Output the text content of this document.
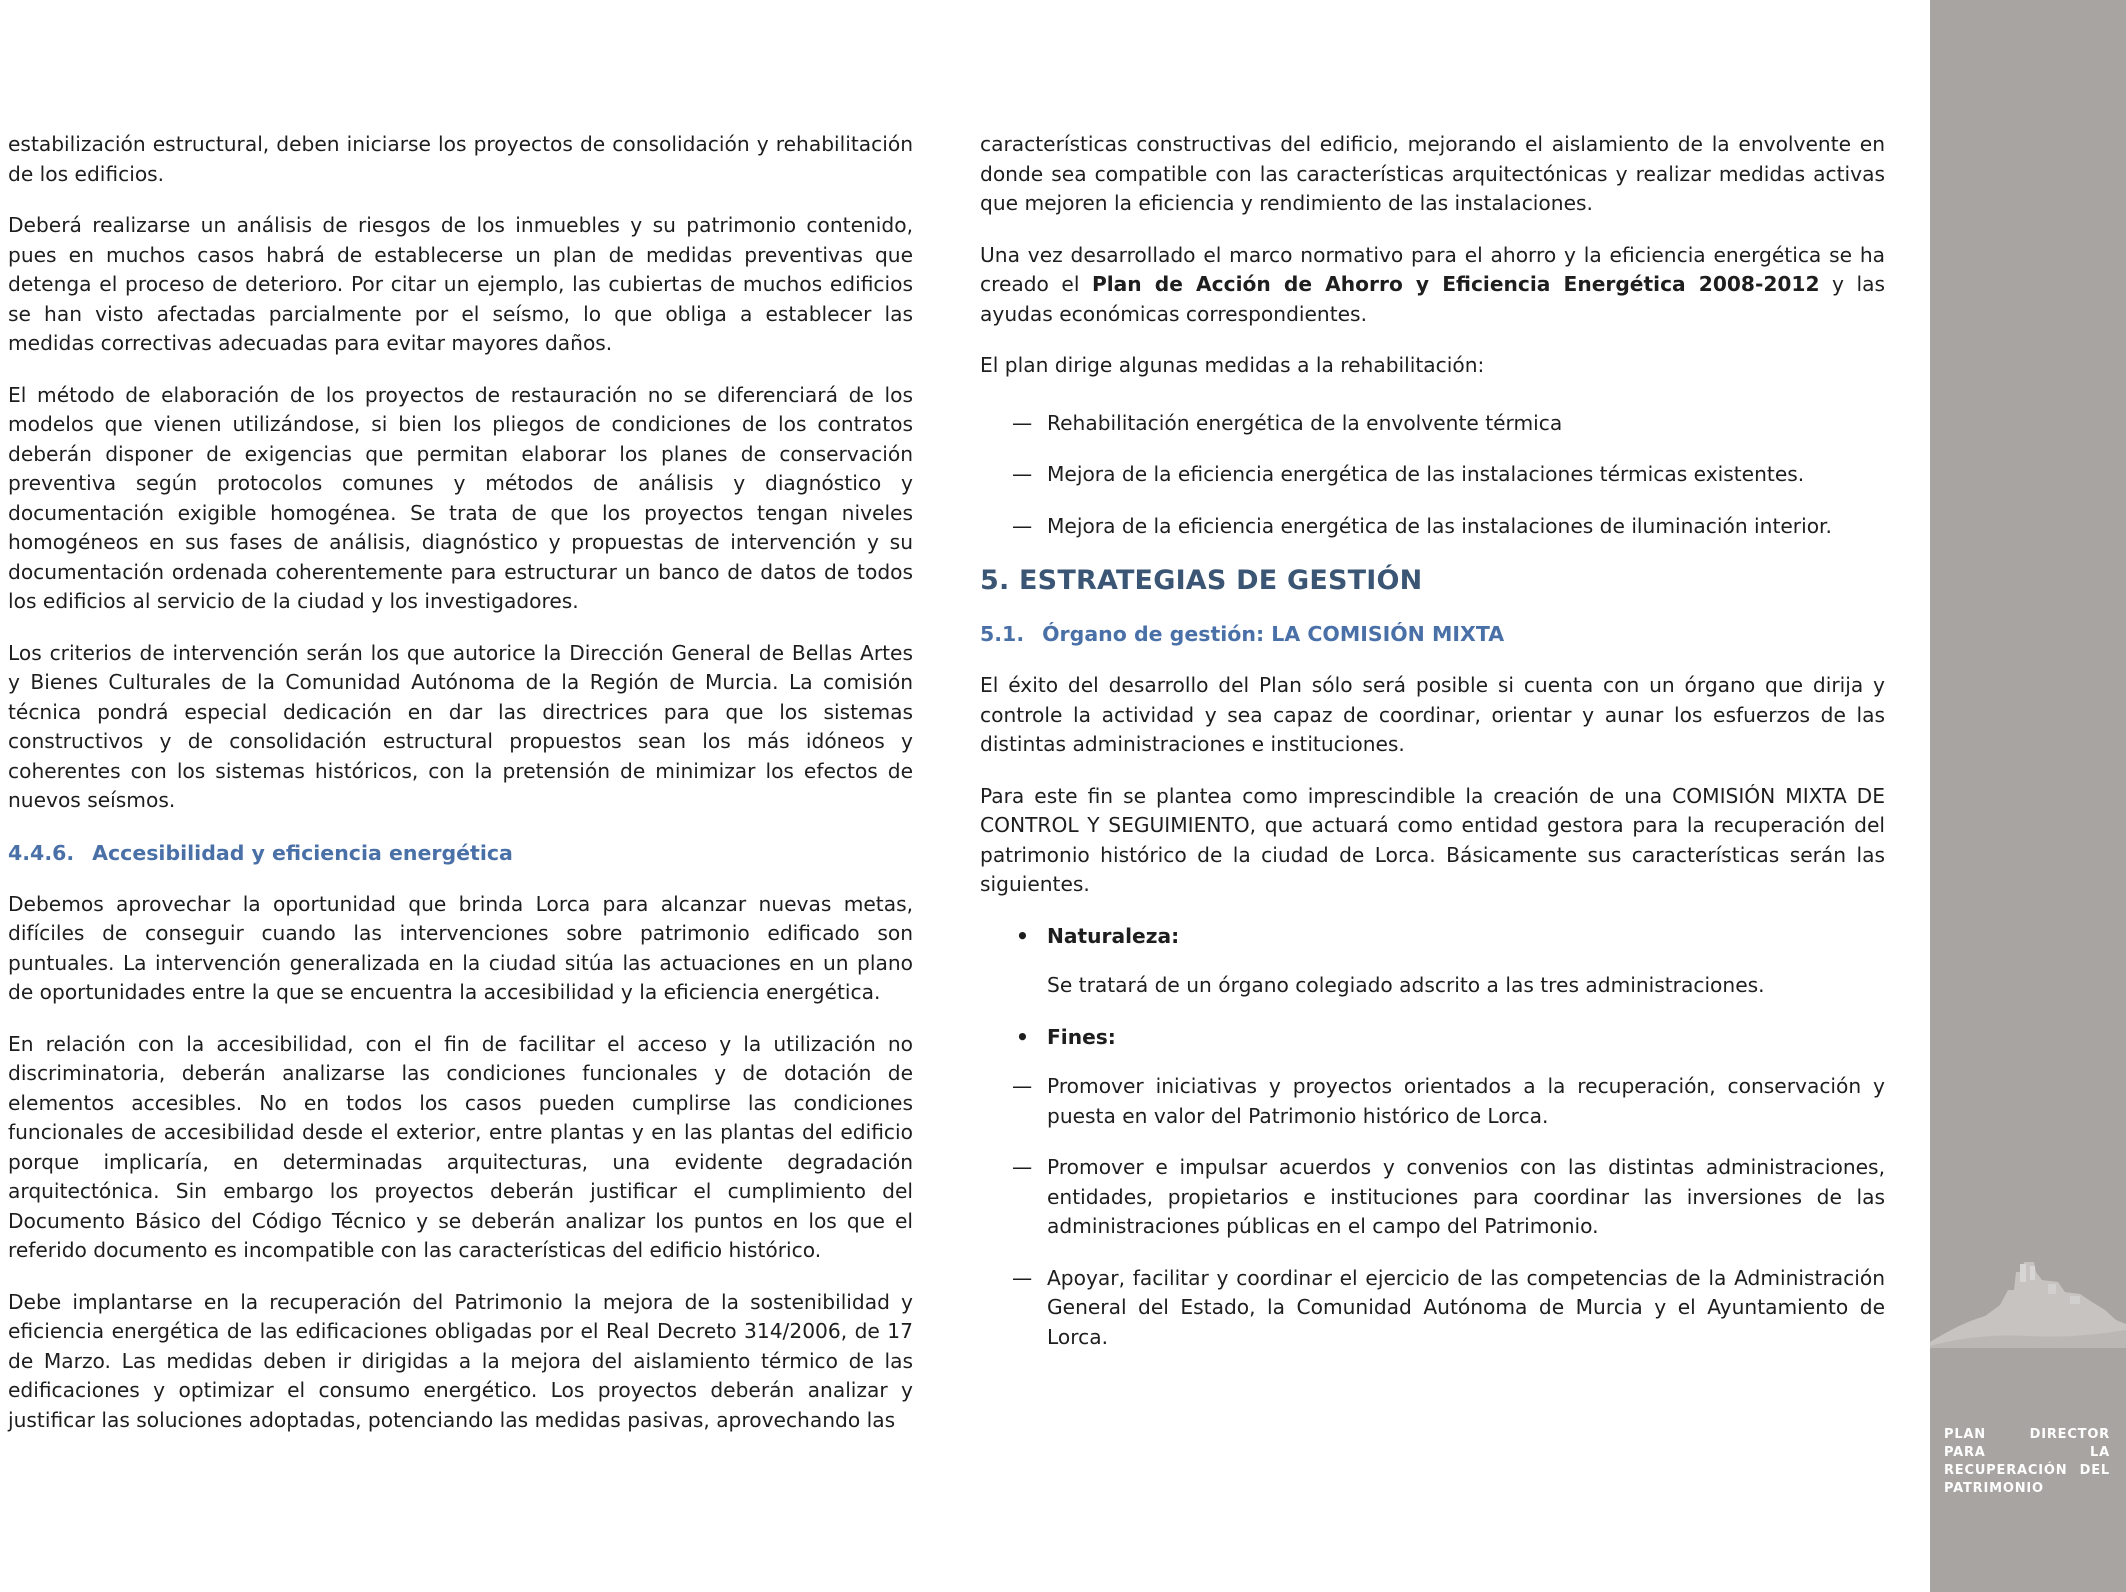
estabilización estructural, deben iniciarse los proyectos de consolidación y rehabilitación de los edificios.

Deberá realizarse un análisis de riesgos de los inmuebles y su patrimonio contenido, pues en muchos casos habrá de establecerse un plan de medidas preventivas que detenga el proceso de deterioro. Por citar un ejemplo, las cubiertas de muchos edificios se han visto afectadas parcialmente por el seísmo, lo que obliga a establecer las medidas correctivas adecuadas para evitar mayores daños.

El método de elaboración de los proyectos de restauración no se diferenciará de los modelos que vienen utilizándose, si bien los pliegos de condiciones de los contratos deberán disponer de exigencias que permitan elaborar los planes de conservación preventiva según protocolos comunes y métodos de análisis y diagnóstico y documentación exigible homogénea. Se trata de que los proyectos tengan niveles homogéneos en sus fases de análisis, diagnóstico y propuestas de intervención y su documentación ordenada coherentemente para estructurar un banco de datos de todos los edificios al servicio de la ciudad y los investigadores.

Los criterios de intervención serán los que autorice la Dirección General de Bellas Artes y Bienes Culturales de la Comunidad Autónoma de la Región de Murcia. La comisión técnica pondrá especial dedicación en dar las directrices para que los sistemas constructivos y de consolidación estructural propuestos sean los más idóneos y coherentes con los sistemas históricos, con la pretensión de minimizar los efectos de nuevos seísmos.

4.4.6. Accesibilidad y eficiencia energética

Debemos aprovechar la oportunidad que brinda Lorca para alcanzar nuevas metas, difíciles de conseguir cuando las intervenciones sobre patrimonio edificado son puntuales. La intervención generalizada en la ciudad sitúa las actuaciones en un plano de oportunidades entre la que se encuentra la accesibilidad y la eficiencia energética.

En relación con la accesibilidad, con el fin de facilitar el acceso y la utilización no discriminatoria, deberán analizarse las condiciones funcionales y de dotación de elementos accesibles. No en todos los casos pueden cumplirse las condiciones funcionales de accesibilidad desde el exterior, entre plantas y en las plantas del edificio porque implicaría, en determinadas arquitecturas, una evidente degradación arquitectónica. Sin embargo los proyectos deberán justificar el cumplimiento del Documento Básico del Código Técnico y se deberán analizar los puntos en los que el referido documento es incompatible con las características del edificio histórico.

Debe implantarse en la recuperación del Patrimonio la mejora de la sostenibilidad y eficiencia energética de las edificaciones obligadas por el Real Decreto 314/2006, de 17 de Marzo. Las medidas deben ir dirigidas a la mejora del aislamiento térmico de las edificaciones y optimizar el consumo energético. Los proyectos deberán analizar y justificar las soluciones adoptadas, potenciando las medidas pasivas, aprovechando las

características constructivas del edificio, mejorando el aislamiento de la envolvente en donde sea compatible con las características arquitectónicas y realizar medidas activas que mejoren la eficiencia y rendimiento de las instalaciones.

Una vez desarrollado el marco normativo para el ahorro y la eficiencia energética se ha creado el Plan de Acción de Ahorro y Eficiencia Energética 2008-2012 y las ayudas económicas correspondientes.

El plan dirige algunas medidas a la rehabilitación:

— Rehabilitación energética de la envolvente térmica
— Mejora de la eficiencia energética de las instalaciones térmicas existentes.
— Mejora de la eficiencia energética de las instalaciones de iluminación interior.
5. ESTRATEGIAS DE GESTIÓN
5.1. Órgano de gestión: LA COMISIÓN MIXTA

El éxito del desarrollo del Plan sólo será posible si cuenta con un órgano que dirija y controle la actividad y sea capaz de coordinar, orientar y aunar los esfuerzos de las distintas administraciones e instituciones.

Para este fin se plantea como imprescindible la creación de una COMISIÓN MIXTA DE CONTROL Y SEGUIMIENTO, que actuará como entidad gestora para la recuperación del patrimonio histórico de la ciudad de Lorca. Básicamente sus características serán las siguientes.

• Naturaleza:

Se tratará de un órgano colegiado adscrito a las tres administraciones.

• Fines:
— Promover iniciativas y proyectos orientados a la recuperación, conservación y puesta en valor del Patrimonio histórico de Lorca.
— Promover e impulsar acuerdos y convenios con las distintas administraciones, entidades, propietarios e instituciones para coordinar las inversiones de las administraciones públicas en el campo del Patrimonio.
— Apoyar, facilitar y coordinar el ejercicio de las competencias de la Administración General del Estado, la Comunidad Autónoma de Murcia y el Ayuntamiento de Lorca.
PLAN DIRECTOR PARA LA RECUPERACIÓN DEL PATRIMONIO
